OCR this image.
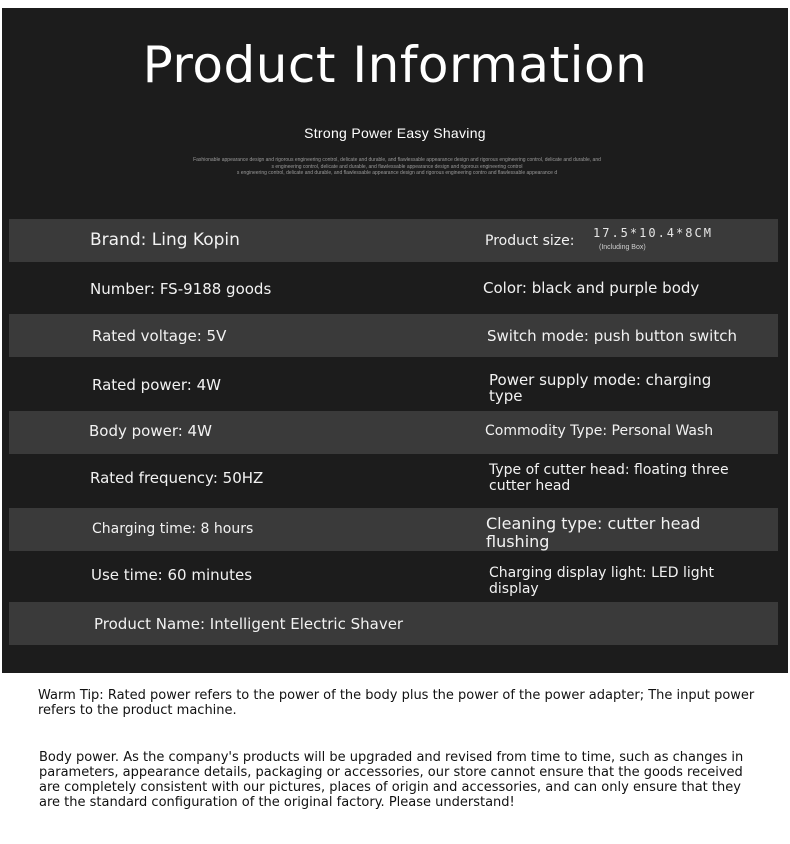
Product Information
Strong Power Easy Shaving
Fashionable appearance design and rigorous engineering control, delicate and durable, and flawlessable appearance design and rigorous engineering control, delicate and durable, and
s engineering control, delicate and durable, and flawlessable appearance design and rigorous engineering control
s engineering control, delicate and durable, and flawlessable appearance design and rigorous engineering contro and flawlessable appearance d
Brand: Ling Kopin	Product size: 17.5*10.4*8CM
(Including Box)
Number: FS-9188 goods	Color: black and purple body
Rated voltage: 5V	Switch mode: push button switch
Rated power: 4W	Power supply mode: charging type
Body power: 4W	Commodity Type: Personal Wash
Rated frequency: 50HZ	Type of cutter head: floating three cutter head
Charging time: 8 hours	Cleaning type: cutter head flushing
Use time: 60 minutes	Charging display light: LED light display
Product Name: Intelligent Electric Shaver
Warm Tip: Rated power refers to the power of the body plus the power of the power adapter; The input power refers to the product machine.
Body power. As the company's products will be upgraded and revised from time to time, such as changes in parameters, appearance details, packaging or accessories, our store cannot ensure that the goods received are completely consistent with our pictures, places of origin and accessories, and can only ensure that they are the standard configuration of the original factory. Please understand!
